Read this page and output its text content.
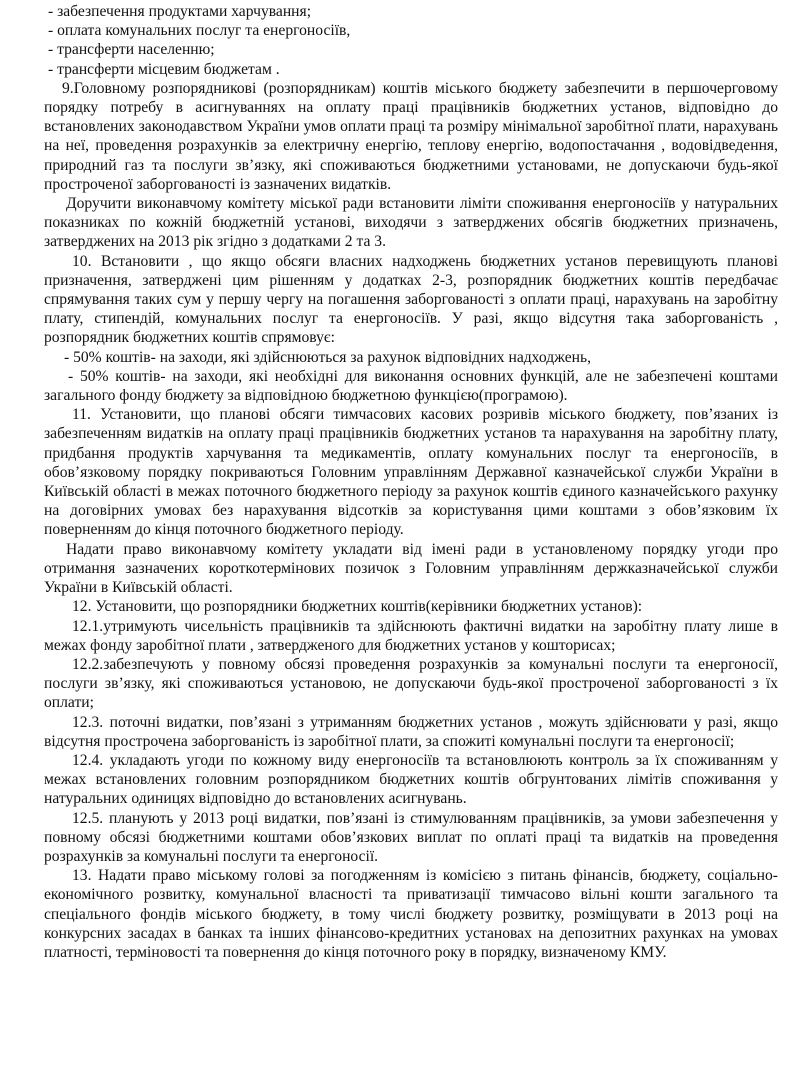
- забезпечення продуктами харчування;

- оплата комунальних послуг та енергоносіїв,

- трансферти населенню;

- трансферти місцевим бюджетам .

9.Головному розпорядникові (розпорядникам) коштів міського бюджету забезпечити в першочерговому порядку потребу в асигнуваннях на оплату праці працівників бюджетних установ, відповідно до встановлених законодавством України умов оплати праці та розміру мінімальної заробітної плати, нарахувань на неї, проведення розрахунків за електричну енергію, теплову енергію, водопостачання , водовідведення, природний газ та послуги зв’язку, які споживаються бюджетними установами, не допускаючи будь-якої простроченої заборгованості із зазначених видатків.

Доручити виконавчому комітету міської ради встановити ліміти споживання енергоносіїв у натуральних показниках по кожній бюджетній установі, виходячи з затверджених обсягів бюджетних призначень, затверджених на 2013 рік згідно з додатками 2 та 3.

10. Встановити , що якщо обсяги власних надходжень бюджетних установ перевищують планові призначення, затверджені цим рішенням у додатках 2-3, розпорядник бюджетних коштів передбачає спрямування таких сум у першу чергу на погашення заборгованості з оплати праці, нарахувань на заробітну плату, стипендій, комунальних послуг та енергоносіїв. У разі, якщо відсутня така заборгованість , розпорядник бюджетних коштів спрямовує:

- 50% коштів- на заходи, які здійснюються за рахунок відповідних надходжень,

- 50% коштів- на заходи, які необхідні для виконання основних функцій, але не забезпечені коштами загального фонду бюджету за відповідною бюджетною функцією(програмою).

11. Установити, що планові обсяги тимчасових касових розривів міського бюджету, пов’язаних із забезпеченням видатків на оплату праці працівників бюджетних установ та нарахування на заробітну плату, придбання продуктів харчування та медикаментів, оплату комунальних послуг та енергоносіїв, в обов’язковому порядку покриваються Головним управлінням Державної казначейської служби України в Київській області в межах поточного бюджетного періоду за рахунок коштів єдиного казначейського рахунку на договірних умовах без нарахування відсотків за користування цими коштами з обов’язковим їх поверненням до кінця поточного бюджетного періоду.

Надати право виконавчому комітету укладати від імені ради в установленому порядку угоди про отримання зазначених короткотермінових позичок з Головним управлінням держказначейської служби України в Київській області.

12. Установити, що розпорядники бюджетних коштів(керівники бюджетних установ):

12.1.утримують чисельність працівників та здійснюють фактичні видатки на заробітну плату лише в межах фонду заробітної плати , затвердженого для бюджетних установ у кошторисах;

12.2.забезпечують у повному обсязі проведення розрахунків за комунальні послуги та енергоносії, послуги зв’язку, які споживаються установою, не допускаючи будь-якої простроченої заборгованості з їх оплати;

12.3. поточні видатки, пов’язані з утриманням бюджетних установ , можуть здійснювати у разі, якщо відсутня прострочена заборгованість із заробітної плати, за спожиті комунальні послуги та енергоносії;

12.4. укладають угоди по кожному виду енергоносіїв та встановлюють контроль за їх споживанням у межах встановлених головним розпорядником бюджетних коштів обгрунтованих лімітів споживання у натуральних одиницях відповідно до встановлених асигнувань.

12.5. планують у 2013 році видатки, пов’язані із стимулюванням працівників, за умови забезпечення у повному обсязі бюджетними коштами обов’язкових виплат по оплаті праці та видатків на проведення розрахунків за комунальні послуги та енергоносії.

13. Надати право міському голові за погодженням із комісією з питань фінансів, бюджету, соціально- економічного розвитку, комунальної власності та приватизації тимчасово вільні кошти загального та спеціального фондів міського бюджету, в тому числі бюджету розвитку, розміщувати в 2013 році на конкурсних засадах в банках та інших фінансово-кредитних установах на депозитних рахунках на умовах платності, терміновості та повернення до кінця поточного року в порядку, визначеному КМУ.
